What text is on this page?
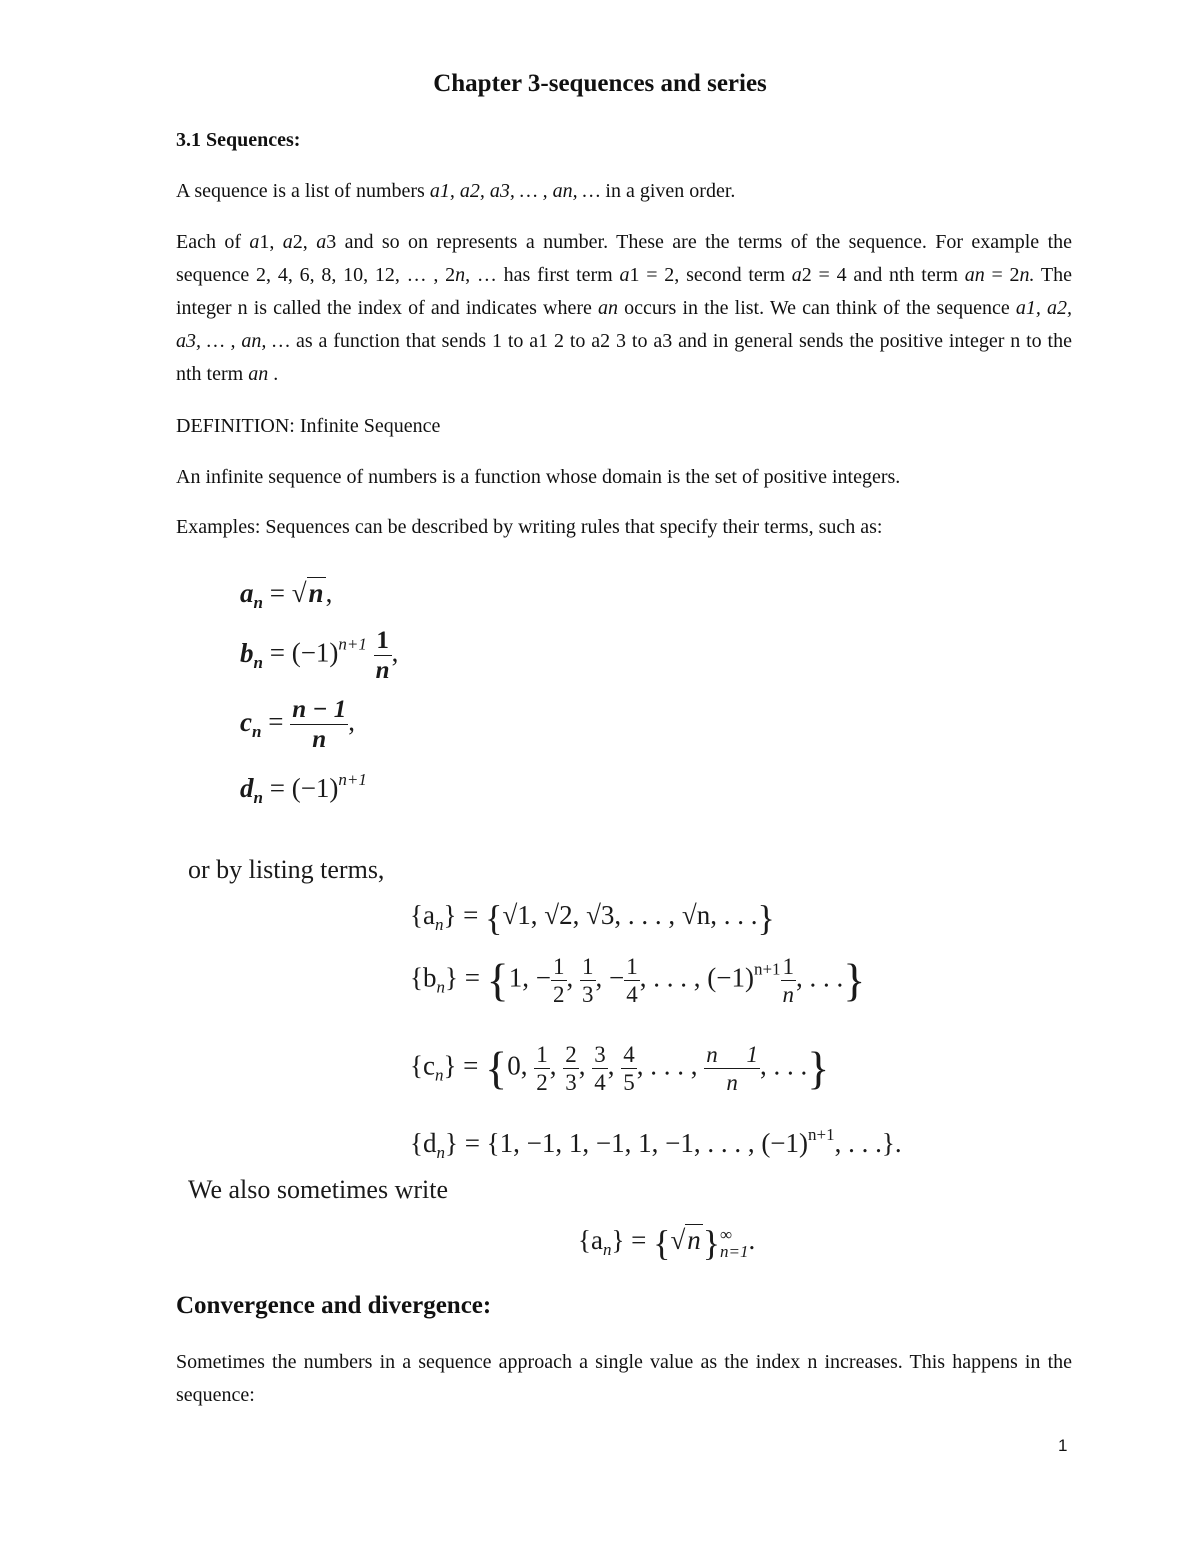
Chapter 3-sequences and series
3.1 Sequences:
A sequence is a list of numbers a1, a2, a3, … , an, … in a given order.
Each of a1, a2, a3 and so on represents a number. These are the terms of the sequence. For example the sequence 2, 4, 6, 8, 10, 12, … , 2n, … has first term a1 = 2, second term a2 = 4 and nth term an = 2n. The integer n is called the index of and indicates where an occurs in the list. We can think of the sequence a1, a2, a3, … , an, … as a function that sends 1 to a1 2 to a2 3 to a3 and in general sends the positive integer n to the nth term an .
DEFINITION: Infinite Sequence
An infinite sequence of numbers is a function whose domain is the set of positive integers.
Examples: Sequences can be described by writing rules that specify their terms, such as:
$a_n = √n$,
$b_n = (-1)^{n+1} \frac{1}{n}$ ,
$c_n = \frac{n - 1}{n}$ ,
$d_n = (-1)^{n+1}$
or by listing terms,
$\{a_n\} = \{√1$, √2, √3, . . . , √n, . . .}
$\{b_n\} = \{1$, − $\frac{1}{2}$ , $\frac{1}{3}$ , − $\frac{1}{4}$ , . . . , $(-1)^{n+1} \frac{1}{n}$ , . . .}
$\{c_n\} = \{0$, $\frac{1}{2}$ , $\frac{2}{3}$ , $\frac{3}{4}$ , $\frac{4}{5}$ , . . . , $\frac{n 1}{n}$ , . . .}
$\{d_n\} = \{1$, −1, 1, −1, 1, −1, . . . , $(-1)^{n+1}$, . . .}.
We also sometimes write
$\{a_n\} = \{√n\}$ ∞
n=1 .
Convergence and divergence:
Sometimes the numbers in a sequence approach a single value as the index n increases. This happens in the sequence:
1
